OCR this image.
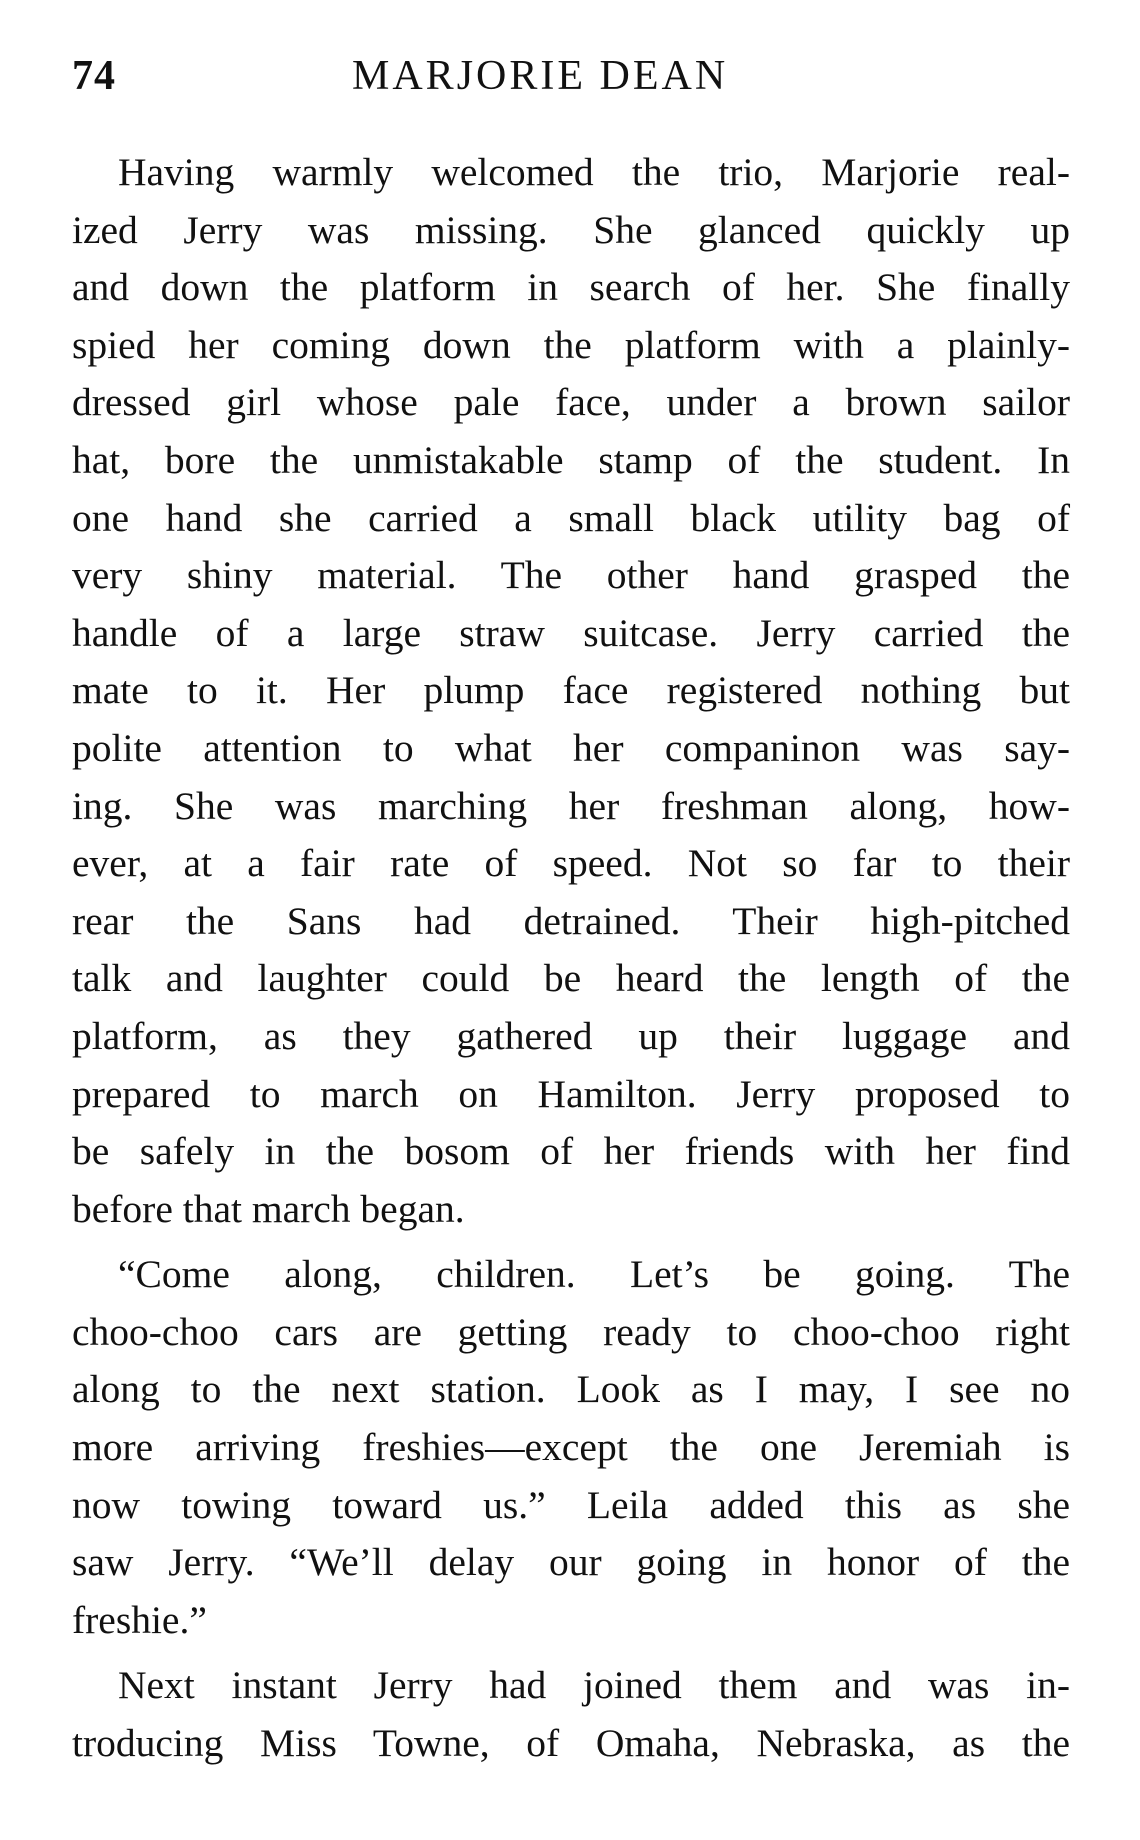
74	MARJORIE DEAN
Having warmly welcomed the trio, Marjorie real-
ized Jerry was missing. She glanced quickly up
and down the platform in search of her. She finally
spied her coming down the platform with a plainly-
dressed girl whose pale face, under a brown sailor
hat, bore the unmistakable stamp of the student. In
one hand she carried a small black utility bag of
very shiny material. The other hand grasped the
handle of a large straw suitcase. Jerry carried the
mate to it. Her plump face registered nothing but
polite attention to what her companinon was say-
ing. She was marching her freshman along, how-
ever, at a fair rate of speed. Not so far to their
rear the Sans had detrained. Their high-pitched
talk and laughter could be heard the length of the
platform, as they gathered up their luggage and
prepared to march on Hamilton. Jerry proposed to
be safely in the bosom of her friends with her find
before that march began.
“Come along, children. Let’s be going. The
choo-choo cars are getting ready to choo-choo right
along to the next station. Look as I may, I see no
more arriving freshies—except the one Jeremiah is
now towing toward us.” Leila added this as she
saw Jerry. “We’ll delay our going in honor of the
freshie.”
Next instant Jerry had joined them and was in-
troducing Miss Towne, of Omaha, Nebraska, as the
